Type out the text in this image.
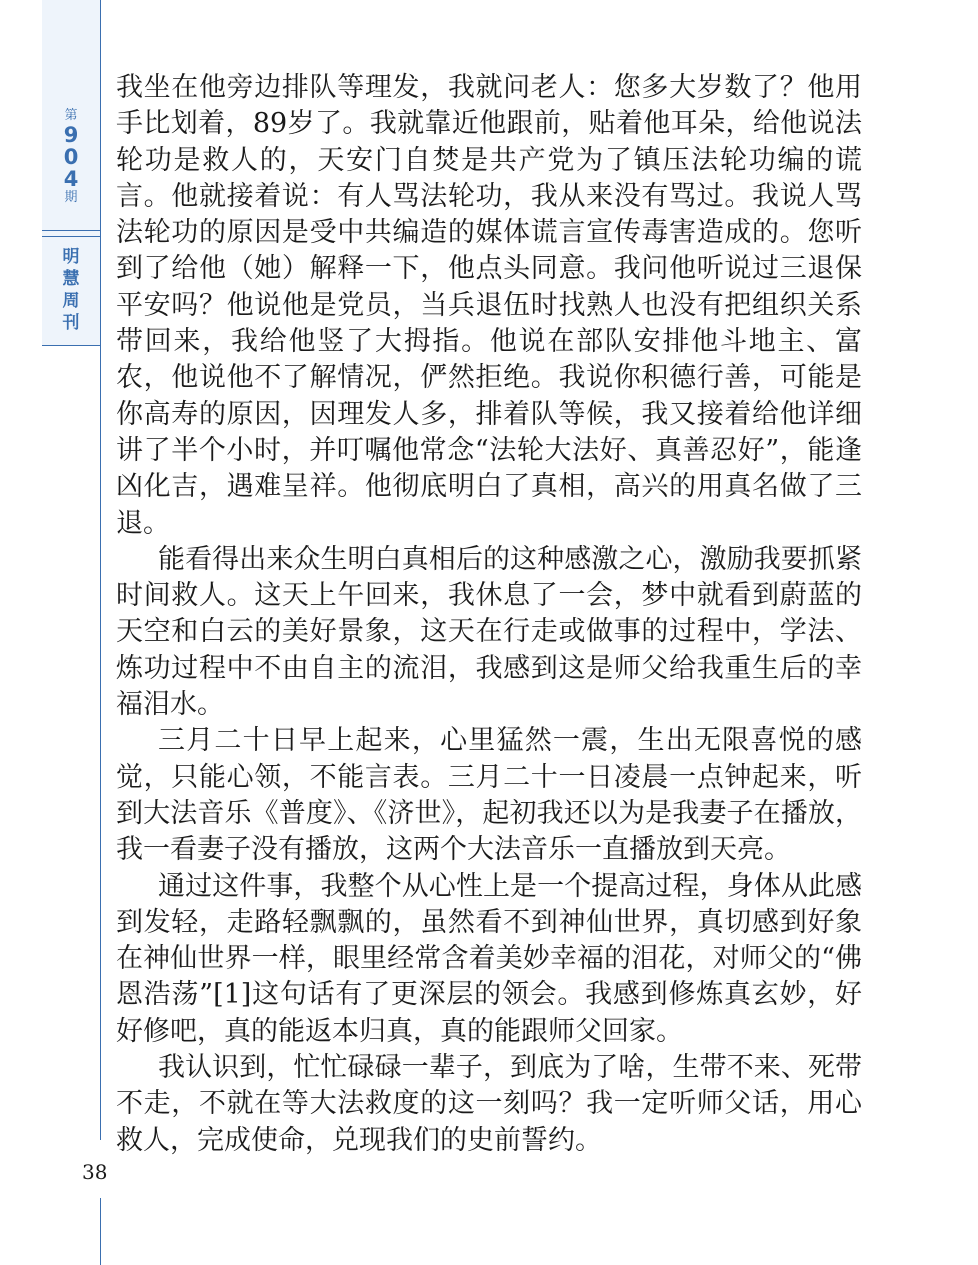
第
904
期
明慧周刊

我坐在他旁边排队等理发，我就问老人：您多大岁数了？他用手比划着，89岁了。我就靠近他跟前，贴着他耳朵，给他说法轮功是救人的，天安门自焚是共产党为了镇压法轮功编的谎言。他就接着说：有人骂法轮功，我从来没有骂过。我说人骂法轮功的原因是受中共编造的媒体谎言宣传毒害造成的。您听到了给他（她）解释一下，他点头同意。我问他听说过三退保平安吗？他说他是党员，当兵退伍时找熟人也没有把组织关系带回来，我给他竖了大拇指。他说在部队安排他斗地主、富农，他说他不了解情况，俨然拒绝。我说你积德行善，可能是你高寿的原因，因理发人多，排着队等候，我又接着给他详细讲了半个小时，并叮嘱他常念“法轮大法好、真善忍好”，能逢凶化吉，遇难呈祥。他彻底明白了真相，高兴的用真名做了三退。

能看得出来众生明白真相后的这种感激之心，激励我要抓紧时间救人。这天上午回来，我休息了一会，梦中就看到蔚蓝的天空和白云的美好景象，这天在行走或做事的过程中，学法、炼功过程中不由自主的流泪，我感到这是师父给我重生后的幸福泪水。

三月二十日早上起来，心里猛然一震，生出无限喜悦的感觉，只能心领，不能言表。三月二十一日凌晨一点钟起来，听到大法音乐《普度》、《济世》，起初我还以为是我妻子在播放，我一看妻子没有播放，这两个大法音乐一直播放到天亮。

通过这件事，我整个从心性上是一个提高过程，身体从此感到发轻，走路轻飘飘的，虽然看不到神仙世界，真切感到好象在神仙世界一样，眼里经常含着美妙幸福的泪花，对师父的“佛恩浩荡”[1]这句话有了更深层的领会。我感到修炼真玄妙，好好修吧，真的能返本归真，真的能跟师父回家。

我认识到，忙忙碌碌一辈子，到底为了啥，生带不来、死带不走，不就在等大法救度的这一刻吗？我一定听师父话，用心救人，完成使命，兑现我们的史前誓约。

38
